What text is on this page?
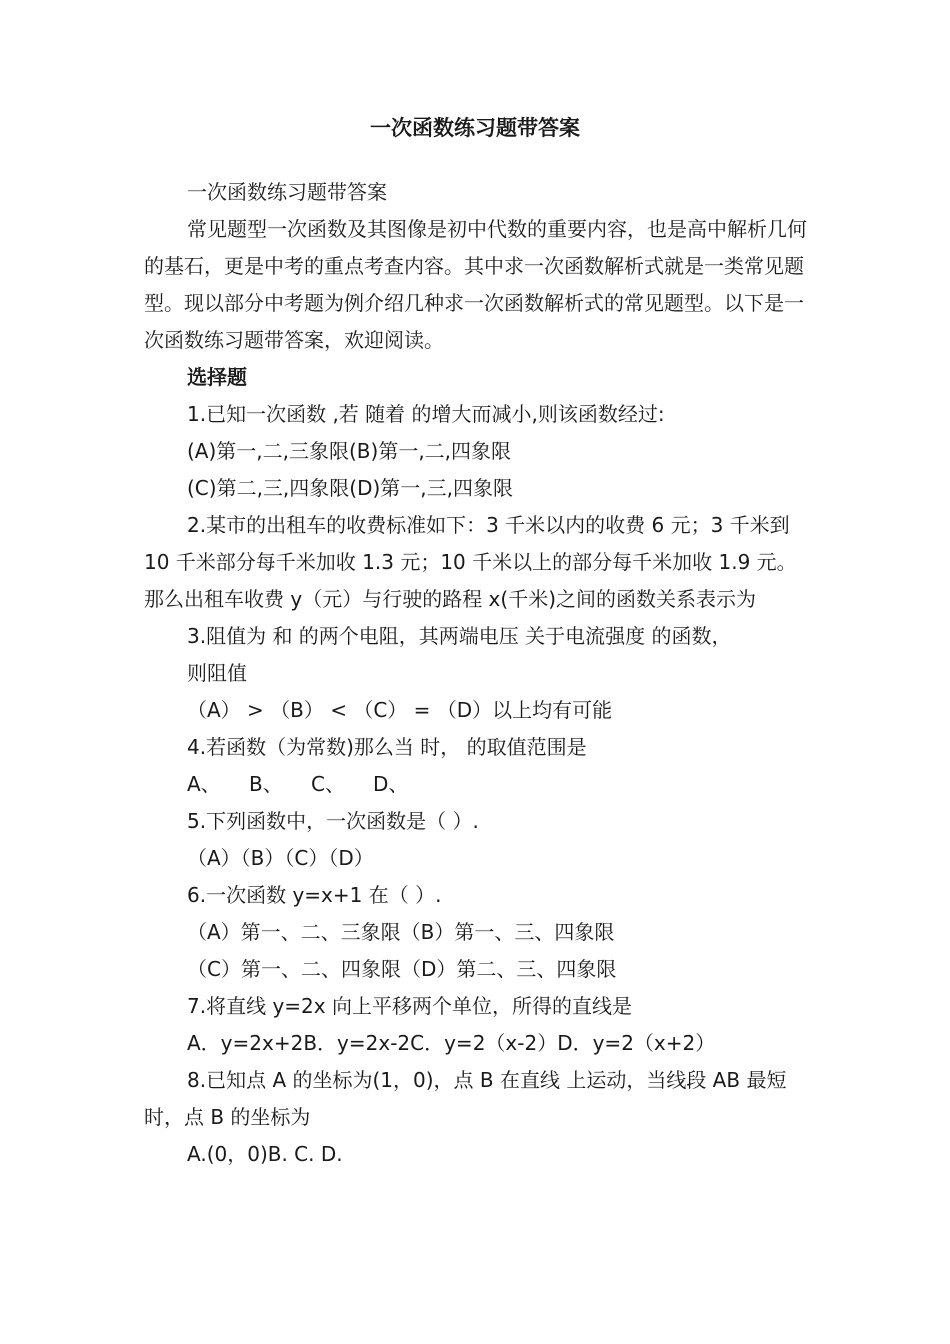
一次函数练习题带答案

一次函数练习题带答案

常见题型一次函数及其图像是初中代数的重要内容，也是高中解析几何的基石，更是中考的重点考查内容。其中求一次函数解析式就是一类常见题型。现以部分中考题为例介绍几种求一次函数解析式的常见题型。以下是一次函数练习题带答案，欢迎阅读。

选择题

1.已知一次函数 ,若 随着 的增大而减小,则该函数经过:

(A)第一,二,三象限(B)第一,二,四象限

(C)第二,三,四象限(D)第一,三,四象限

2.某市的出租车的收费标准如下：3 千米以内的收费 6 元；3 千米到 10 千米部分每千米加收 1.3 元；10 千米以上的部分每千米加收 1.9 元。那么出租车收费 y（元）与行驶的路程 x(千米)之间的函数关系表示为

3.阻值为 和 的两个电阻，其两端电压 关于电流强度 的函数，

则阻值

（A） > （B） < （C） = （D）以上均有可能

4.若函数（为常数)那么当 时， 的取值范围是

A、 B、 C、 D、

5.下列函数中，一次函数是（ ）.

（A）（B）（C）（D）

6.一次函数 y=x+1 在（ ）.

（A）第一、二、三象限（B）第一、三、四象限

（C）第一、二、四象限（D）第二、三、四象限

7.将直线 y=2x 向上平移两个单位，所得的直线是

A．y=2x+2B．y=2x-2C．y=2（x-2）D．y=2（x+2）

8.已知点 A 的坐标为(1，0)，点 B 在直线 上运动，当线段 AB 最短时，点 B 的坐标为

A.(0，0)B. C. D.
